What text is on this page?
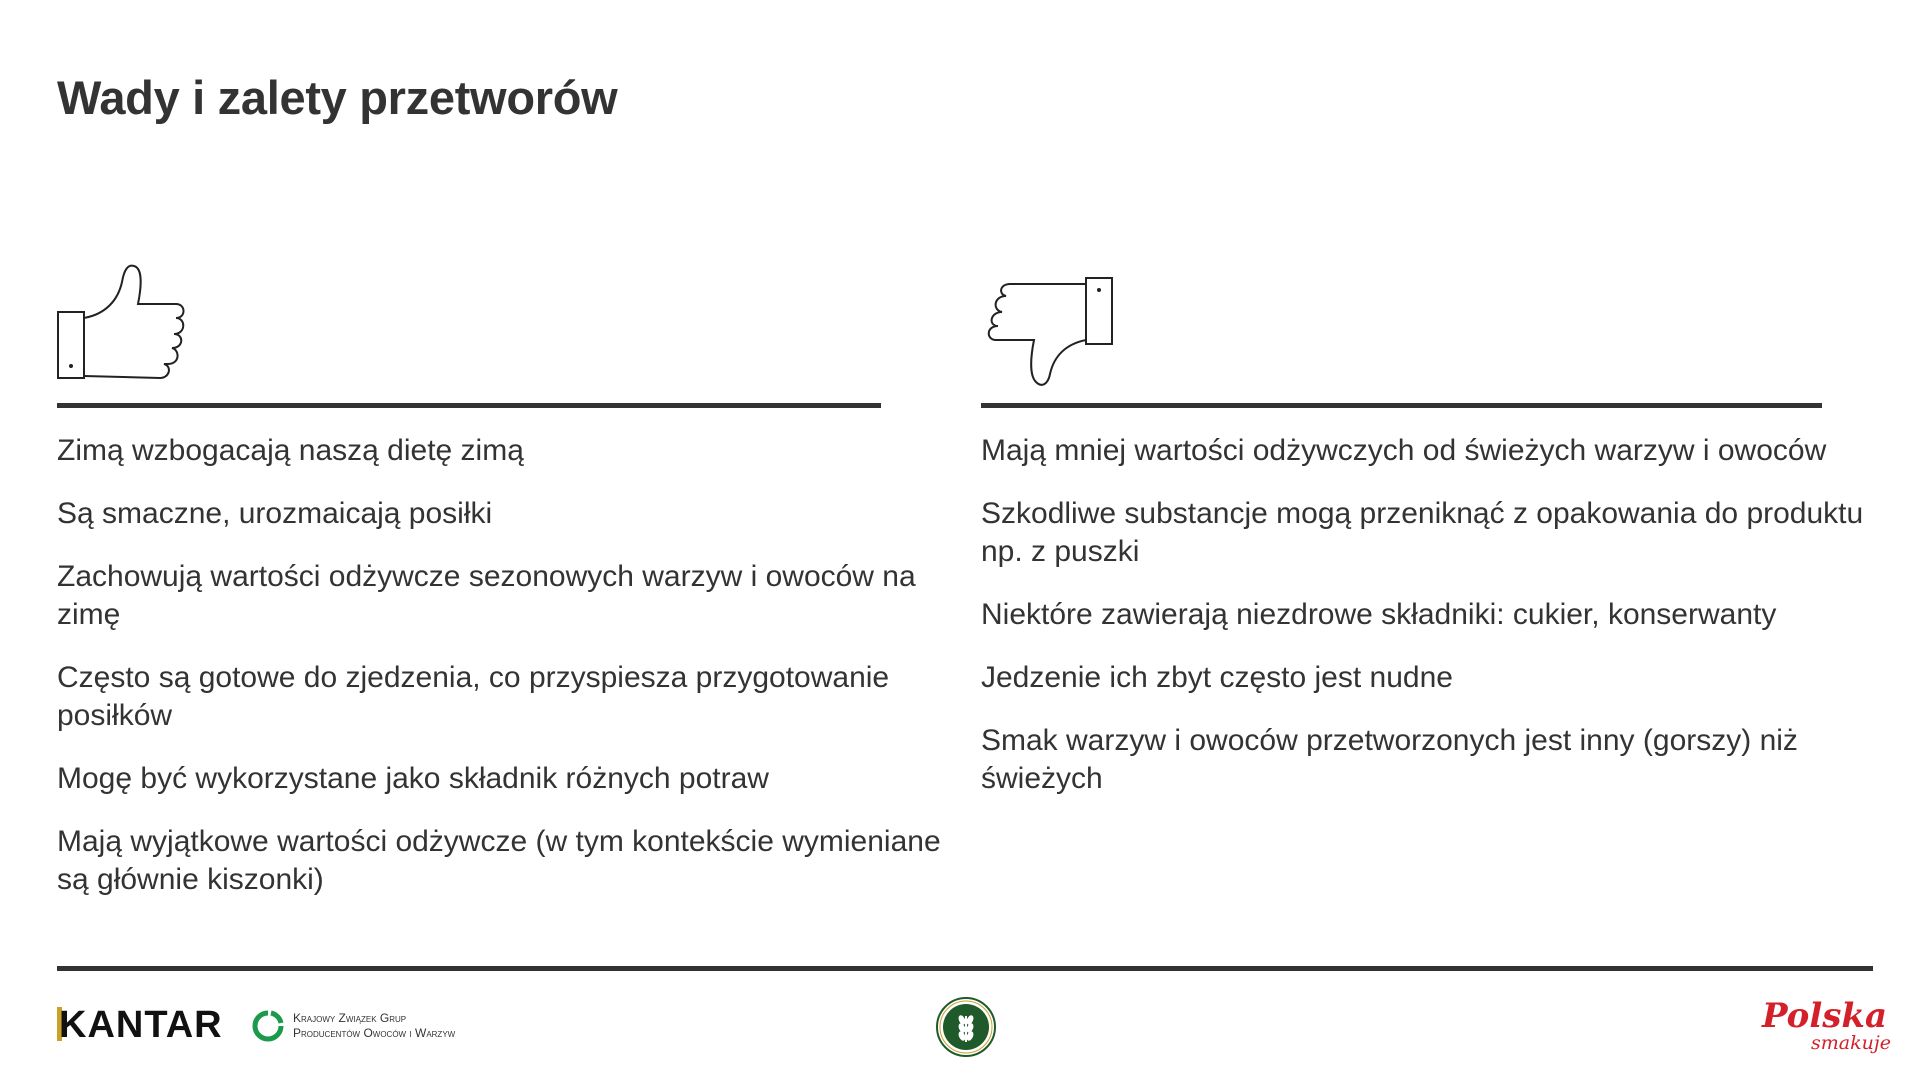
Wady i zalety przetworów
Zimą wzbogacają naszą dietę zimą
Są smaczne, urozmaicają posiłki
Zachowują wartości odżywcze sezonowych warzyw i owoców na zimę
Często są gotowe do zjedzenia, co przyspiesza przygotowanie posiłków
Mogę być wykorzystane jako składnik różnych potraw
Mają wyjątkowe wartości odżywcze (w tym kontekście wymieniane są głównie kiszonki)
Mają mniej wartości odżywczych od świeżych warzyw i owoców
Szkodliwe substancje mogą przeniknąć z opakowania do produktu np. z puszki
Niektóre zawierają niezdrowe składniki: cukier, konserwanty
Jedzenie ich zbyt często jest nudne
Smak warzyw i owoców przetworzonych jest inny (gorszy) niż świeżych
KANTAR	Krajowy Związek Grup
Producentów Owoców i Warzyw	Polska
smakuje
